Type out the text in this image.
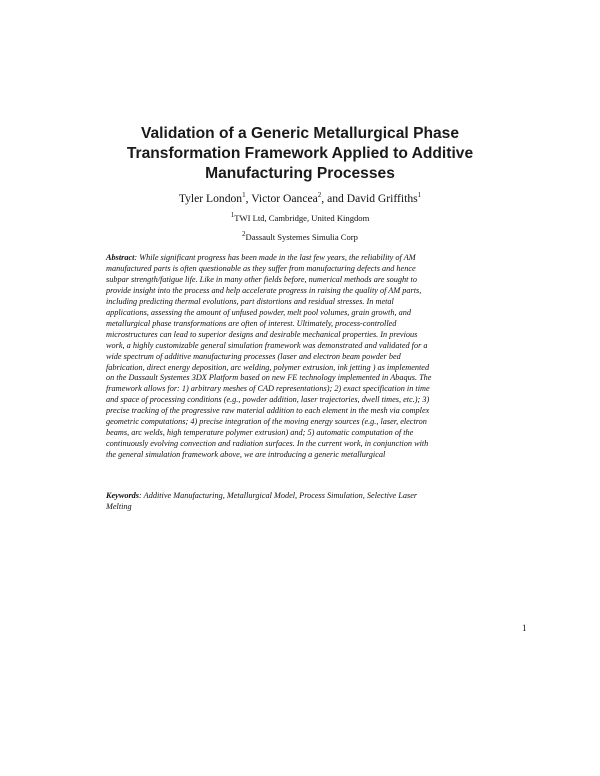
Validation of a Generic Metallurgical Phase
Transformation Framework Applied to Additive
Manufacturing Processes
Tyler London$^1$, Victor Oancea$^2$, and David Griffiths$^1$
$^1$TWI Ltd, Cambridge, United Kingdom
$^2$Dassault Systemes Simulia Corp
Abstract: While significant progress has been made in the last few years, the reliability of AM
manufactured parts is often questionable as they suffer from manufacturing defects and hence
subpar strength/fatigue life. Like in many other fields before, numerical methods are sought to
provide insight into the process and help accelerate progress in raising the quality of AM parts,
including predicting thermal evolutions, part distortions and residual stresses. In metal
applications, assessing the amount of unfused powder, melt pool volumes, grain growth, and
metallurgical phase transformations are often of interest. Ultimately, process-controlled
microstructures can lead to superior designs and desirable mechanical properties. In previous
work, a highly customizable general simulation framework was demonstrated and validated for a
wide spectrum of additive manufacturing processes (laser and electron beam powder bed
fabrication, direct energy deposition, arc welding, polymer extrusion, ink jetting ) as implemented
on the Dassault Systemes 3DX Platform based on new FE technology implemented in Abaqus. The
framework allows for: 1) arbitrary meshes of CAD representations); 2) exact specification in time
and space of processing conditions (e.g., powder addition, laser trajectories, dwell times, etc.); 3)
precise tracking of the progressive raw material addition to each element in the mesh via complex
geometric computations; 4) precise integration of the moving energy sources (e.g., laser, electron
beams, arc welds, high temperature polymer extrusion) and; 5) automatic computation of the
continuously evolving convection and radiation surfaces. In the current work, in conjunction with
the general simulation framework above, we are introducing a generic metallurgical
Keywords: Additive Manufacturing, Metallurgical Model, Process Simulation, Selective Laser
Melting
1
